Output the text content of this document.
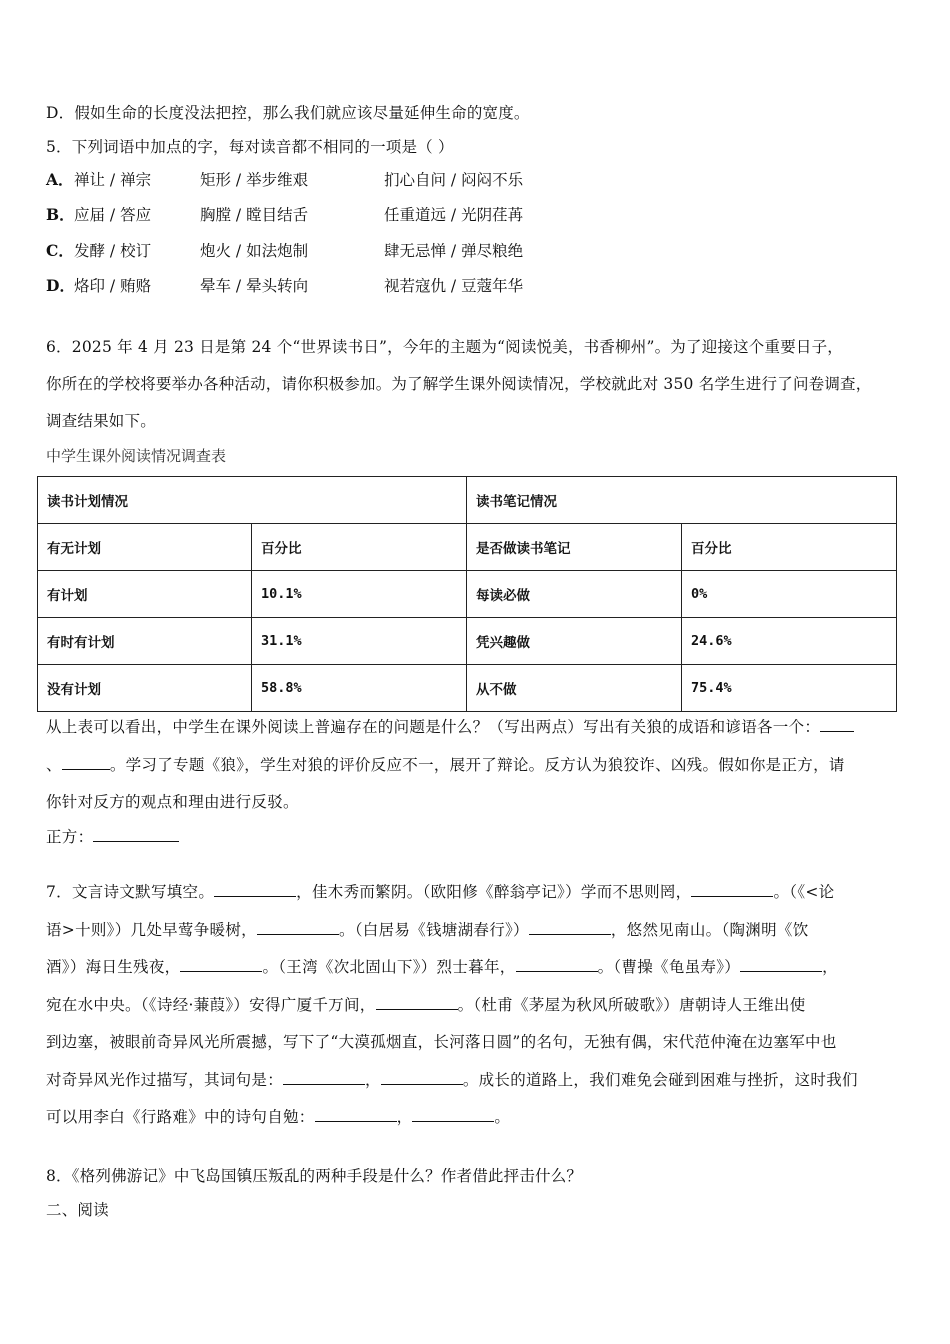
D．假如生命的长度没法把控，那么我们就应该尽量延伸生命的宽度。
5．下列词语中加点的字，每对读音都不相同的一项是（ ）
A． 禅让 / 禅宗	矩形 / 举步维艰	扪心自问 / 闷闷不乐
B． 应届 / 答应	胸膛 / 瞠目结舌	任重道远 / 光阴荏苒
C． 发酵 / 校订	炮火 / 如法炮制	肆无忌惮 / 弹尽粮绝
D． 烙印 / 贿赂	晕车 / 晕头转向	视若寇仇 / 豆蔻年华
6．2025 年 4 月 23 日是第 24 个“世界读书日”，今年的主题为“阅读悦美，书香柳州”。为了迎接这个重要日子，
你所在的学校将要举办各种活动，请你积极参加。为了解学生课外阅读情况，学校就此对 350 名学生进行了问卷调查，
调查结果如下。
中学生课外阅读情况调查表
读书计划情况		读书笔记情况	
有无计划	百分比	是否做读书笔记	百分比
有计划	10.1%	每读必做	0%
有时有计划	31.1%	凭兴趣做	24.6%
没有计划	58.8%	从不做	75.4%
从上表可以看出，中学生在课外阅读上普遍存在的问题是什么？（写出两点）写出有关狼的成语和谚语各一个：
、	。学习了专题《狼》，学生对狼的评价反应不一，展开了辩论。反方认为狼狡诈、凶残。假如你是正方，请
你针对反方的观点和理由进行反驳。
正方：
7．文言诗文默写填空。	，佳木秀而繁阴。（欧阳修《醉翁亭记》）学而不思则罔，	。（《<论
语>十则》）几处早莺争暖树，	。（白居易《钱塘湖春行》）	，悠然见南山。（陶渊明《饮
酒》）海日生残夜，	。（王湾《次北固山下》）烈士暮年，	。（曹操《龟虽寿》）	，
宛在水中央。（《诗经·蒹葭》）安得广厦千万间，	。（杜甫《茅屋为秋风所破歌》）唐朝诗人王维出使
到边塞，被眼前奇异风光所震撼，写下了“大漠孤烟直，长河落日圆”的名句，无独有偶，宋代范仲淹在边塞军中也
对奇异风光作过描写，其词句是：	，	。成长的道路上，我们难免会碰到困难与挫折，这时我们
可以用李白《行路难》中的诗句自勉：	，	。
8．《格列佛游记》中飞岛国镇压叛乱的两种手段是什么？作者借此抨击什么？
二、阅读
